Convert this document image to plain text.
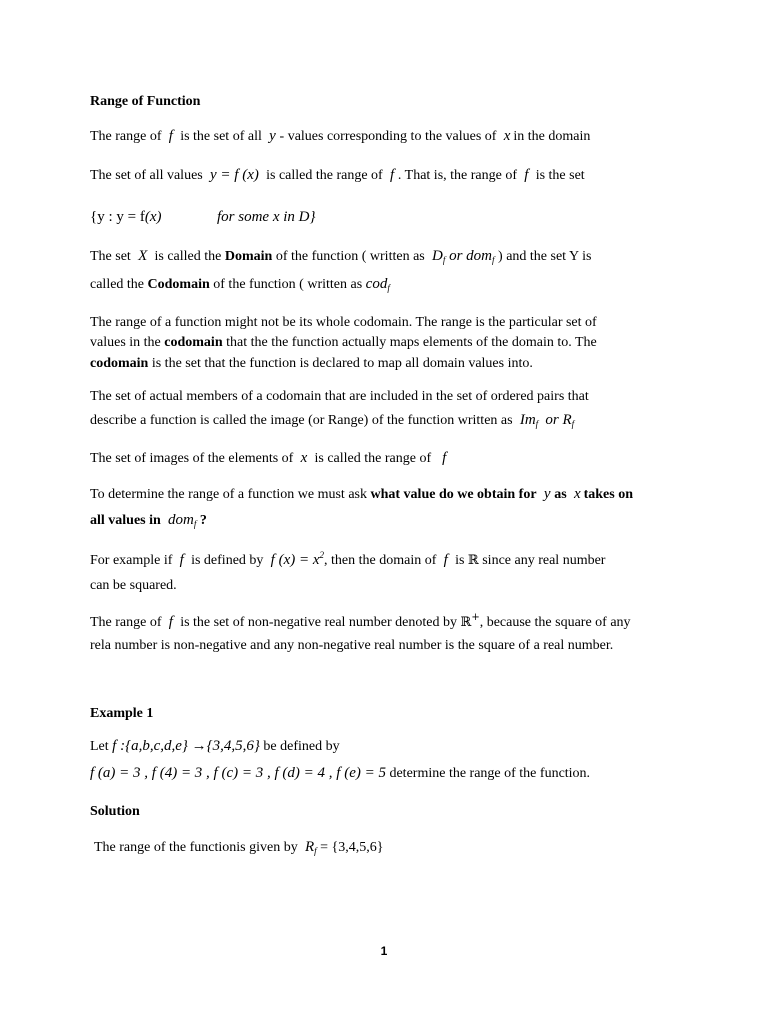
Range of Function

The range of  f  is the set of all  y - values corresponding to the values of  x in the domain

The set of all values  y = f (x)  is called the range of  f . That is, the range of  f  is the set

{y : y = f(x)	for some x in D}

The set  X  is called the Domain of the function ( written as  $D_f$ or dom$_f$ ) and the set Y is

called the Codomain of the function ( written as cod$_f$

The range of a function might not be its whole codomain. The range is the particular set of

values in the codomain that the the function actually maps elements of the domain to. The

codomain is the set that the function is declared to map all domain values into.

The set of actual members of a codomain that are included in the set of ordered pairs that

describe a function is called the image (or Range) of the function written as $Im_f$ or $R_f$

The set of images of the elements of  x  is called the range of   f

To determine the range of a function we must ask what value do we obtain for  y as  x takes on

all values in dom$_f$ ?

For example if  f  is defined by  f $(x) = x^2$, then the domain of  f  is ℝ since any real number

can be squared.

The range of  f  is the set of non-negative real number denoted by ℝ+, because the square of any

rela number is non-negative and any non-negative real number is the square of a real number.

Example 1

Let f :{a,b,c,d,e} →{3,4,5,6} be defined by

f (a) = 3 , f (4) = 3 , f (c) = 3 , f (d) = 4 , f (e) = 5 determine the range of the function.

Solution

The range of the functionis given by $R_f = \{3,4,5,6\}$

1
